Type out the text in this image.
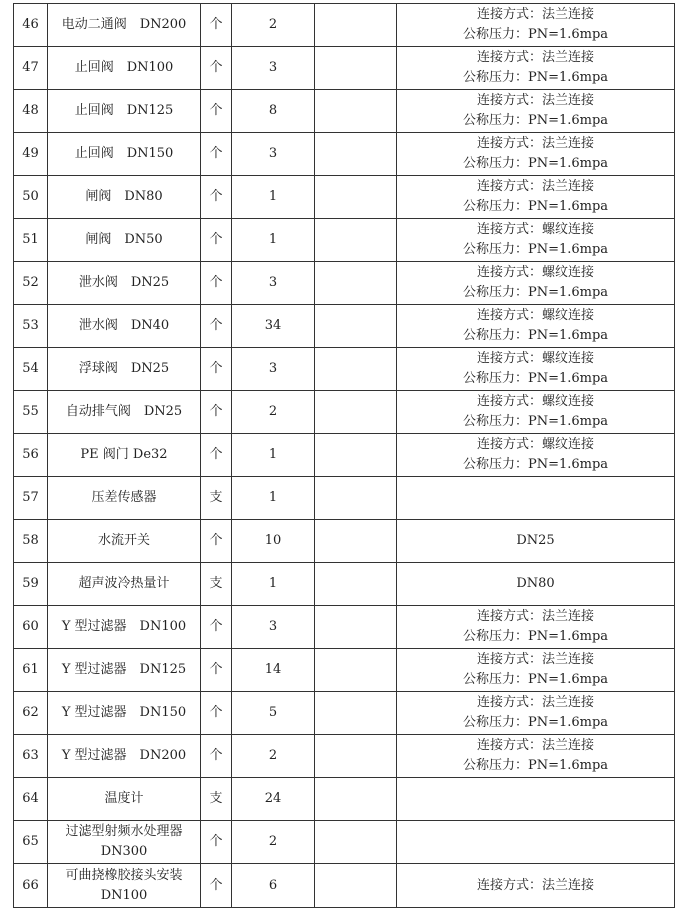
46	电动二通阀　DN200	个	2		连接方式：法兰连接
公称压力：PN=1.6mpa

47	止回阀　DN100	个	3		连接方式：法兰连接
公称压力：PN=1.6mpa

48	止回阀　DN125	个	8		连接方式：法兰连接
公称压力：PN=1.6mpa

49	止回阀　DN150	个	3		连接方式：法兰连接
公称压力：PN=1.6mpa

50	闸阀　DN80	个	1		连接方式：法兰连接
公称压力：PN=1.6mpa

51	闸阀　DN50	个	1		连接方式：螺纹连接
公称压力：PN=1.6mpa

52	泄水阀　DN25	个	3		连接方式：螺纹连接
公称压力：PN=1.6mpa

53	泄水阀　DN40	个	34		连接方式：螺纹连接
公称压力：PN=1.6mpa

54	浮球阀　DN25	个	3		连接方式：螺纹连接
公称压力：PN=1.6mpa

55	自动排气阀　DN25	个	2		连接方式：螺纹连接
公称压力：PN=1.6mpa

56	PE 阀门 De32	个	1		连接方式：螺纹连接
公称压力：PN=1.6mpa

57	压差传感器	支	1		
58	水流开关	个	10		DN25

59	超声波冷热量计	支	1		DN80

60	Y 型过滤器　DN100	个	3		连接方式：法兰连接
公称压力：PN=1.6mpa

61	Y 型过滤器　DN125	个	14		连接方式：法兰连接
公称压力：PN=1.6mpa

62	Y 型过滤器　DN150	个	5		连接方式：法兰连接
公称压力：PN=1.6mpa

63	Y 型过滤器　DN200	个	2		连接方式：法兰连接
公称压力：PN=1.6mpa

64	温度计	支	24		
65	过滤型射频水处理器
DN300	个	2		
66	可曲挠橡胶接头安装
DN100	个	6		连接方式：法兰连接
